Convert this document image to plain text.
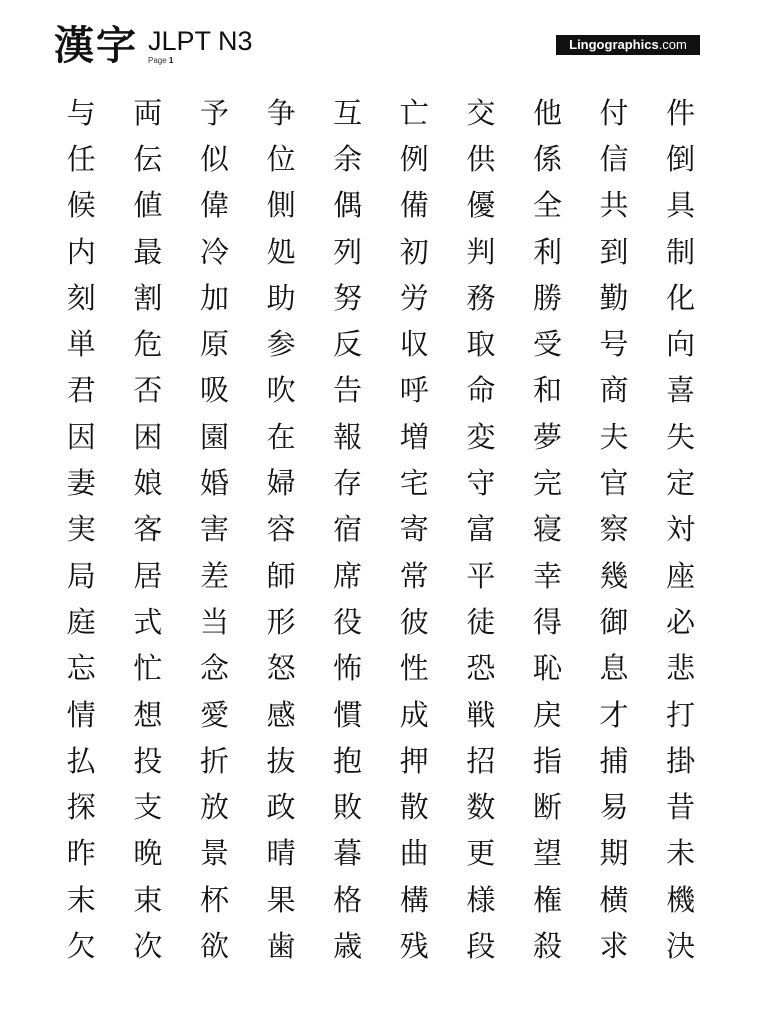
漢字 JLPT N3
Page 1
Lingographics.com
与	両	予	争	互	亡	交	他	付	件
任	伝	似	位	余	例	供	係	信	倒
候	値	偉	側	偶	備	優	全	共	具
内	最	冷	処	列	初	判	利	到	制
刻	割	加	助	努	労	務	勝	勤	化
単	危	原	参	反	収	取	受	号	向
君	否	吸	吹	告	呼	命	和	商	喜
因	困	園	在	報	増	変	夢	夫	失
妻	娘	婚	婦	存	宅	守	完	官	定
実	客	害	容	宿	寄	富	寝	察	対
局	居	差	師	席	常	平	幸	幾	座
庭	式	当	形	役	彼	徒	得	御	必
忘	忙	念	怒	怖	性	恐	恥	息	悲
情	想	愛	感	慣	成	戦	戻	才	打
払	投	折	抜	抱	押	招	指	捕	掛
探	支	放	政	敗	散	数	断	易	昔
昨	晩	景	晴	暮	曲	更	望	期	未
末	束	杯	果	格	構	様	権	横	機
欠	次	欲	歯	歳	残	段	殺	求	決
